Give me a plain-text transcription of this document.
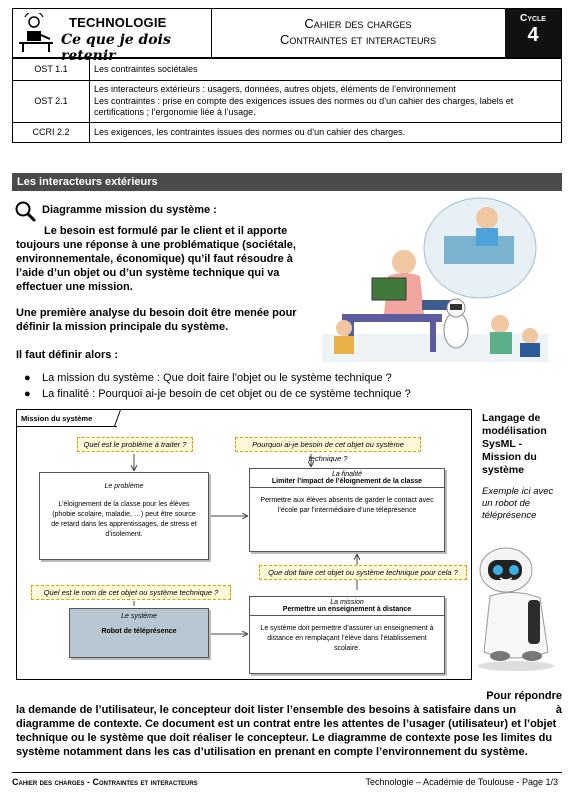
TECHNOLOGIE
Ce que je dois retenir
Cahier des charges
Contraintes et interacteurs
Cycle
4
OST 1.1	Les contraintes sociétales
OST 2.1	Les interacteurs extérieurs : usagers, données, autres objets, éléments de l’environnement
Les contraintes : prise en compte des exigences issues des normes ou d’un cahier des charges, labels et certifications ; l’ergonomie liée à l’usage.
CCRI 2.2	Les exigences, les contraintes issues des normes ou d’un cahier des charges.
Les interacteurs extérieurs
Diagramme mission du système :
Le besoin est formulé par le client et il apporte toujours une réponse à une problématique (sociétale, environnementale, économique) qu’il faut résoudre à l’aide d’un objet ou d’un système technique qui va effectuer une mission.
Une première analyse du besoin doit être menée pour définir la mission principale du système.
Il faut définir alors :
● La mission du système : Que doit faire l’objet ou le système technique ?
● La finalité : Pourquoi ai-je besoin de cet objet ou de ce système technique ?
Mission du système
Quel est le problème à traiter ?	Pourquoi ai-je besoin de cet objet ou système technique ?
Le problème
L’éloignement de la classe pour les élèves (phobie scolaire, maladie, …) peut être source de retard dans les apprentissages, de stress et d’isolement.
La finalité
Limiter l’impact de l’éloignement de la classe
Permettre aux élèves absents de garder le contact avec l’école par l’intermédiaire d’une téléprésence
Que doit faire cet objet ou système technique pour cela ?
Quel est le nom de cet objet ou système technique ?
Le système
Robot de téléprésence
La mission
Permettre un enseignement à distance
Le système doit permettre d’assurer un enseignement à distance en remplaçant l’élève dans l’établissement scolaire.
Langage de modélisation SysML - Mission du système
Exemple ici avec un robot de téléprésence
Pour répondre à
la demande de l’utilisateur, le concepteur doit lister l’ensemble des besoins à satisfaire dans un diagramme de contexte. Ce document est un contrat entre les attentes de l’usager (utilisateur) et l’objet technique ou le système que doit réaliser le concepteur. Le diagramme de contexte pose les limites du système notamment dans les cas d’utilisation en prenant en compte l’environnement du système.
Cahier des charges - Contraintes et interacteurs	Technologie – Académie de Toulouse - Page 1/3
